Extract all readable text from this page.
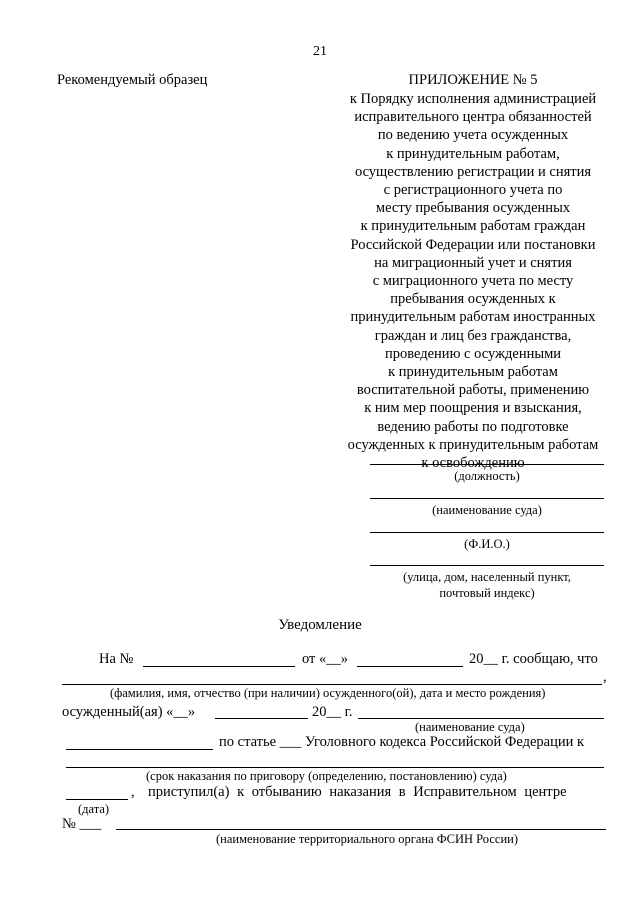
21
Рекомендуемый образец	ПРИЛОЖЕНИЕ № 5
к Порядку исполнения администрацией
исправительного центра обязанностей
по ведению учета осужденных
к принудительным работам,
осуществлению регистрации и снятия
с регистрационного учета по
месту пребывания осужденных
к принудительным работам граждан
Российской Федерации или постановки
на миграционный учет и снятия
с миграционного учета по месту
пребывания осужденных к
принудительным работам иностранных
граждан и лиц без гражданства,
проведению с осужденными
к принудительным работам
воспитательной работы, применению
к ним мер поощрения и взыскания,
ведению работы по подготовке
осужденных к принудительным работам
к освобождению
(должность)
(наименование суда)
(Ф.И.О.)
(улица, дом, населенный пункт,
почтовый индекс)
Уведомление
На №	от «__»	20__ г. сообщаю, что
,
(фамилия, имя, отчество (при наличии) осужденного(ой), дата и место рождения)
осужденный(ая) «__»	20__ г.
(наименование суда)
по статье ___ Уголовного кодекса Российской Федерации к
(срок наказания по приговору (определению, постановлению) суда)
, приступил(а) к отбыванию наказания в Исправительном центре
(дата)
№ ___
(наименование территориального органа ФСИН России)
